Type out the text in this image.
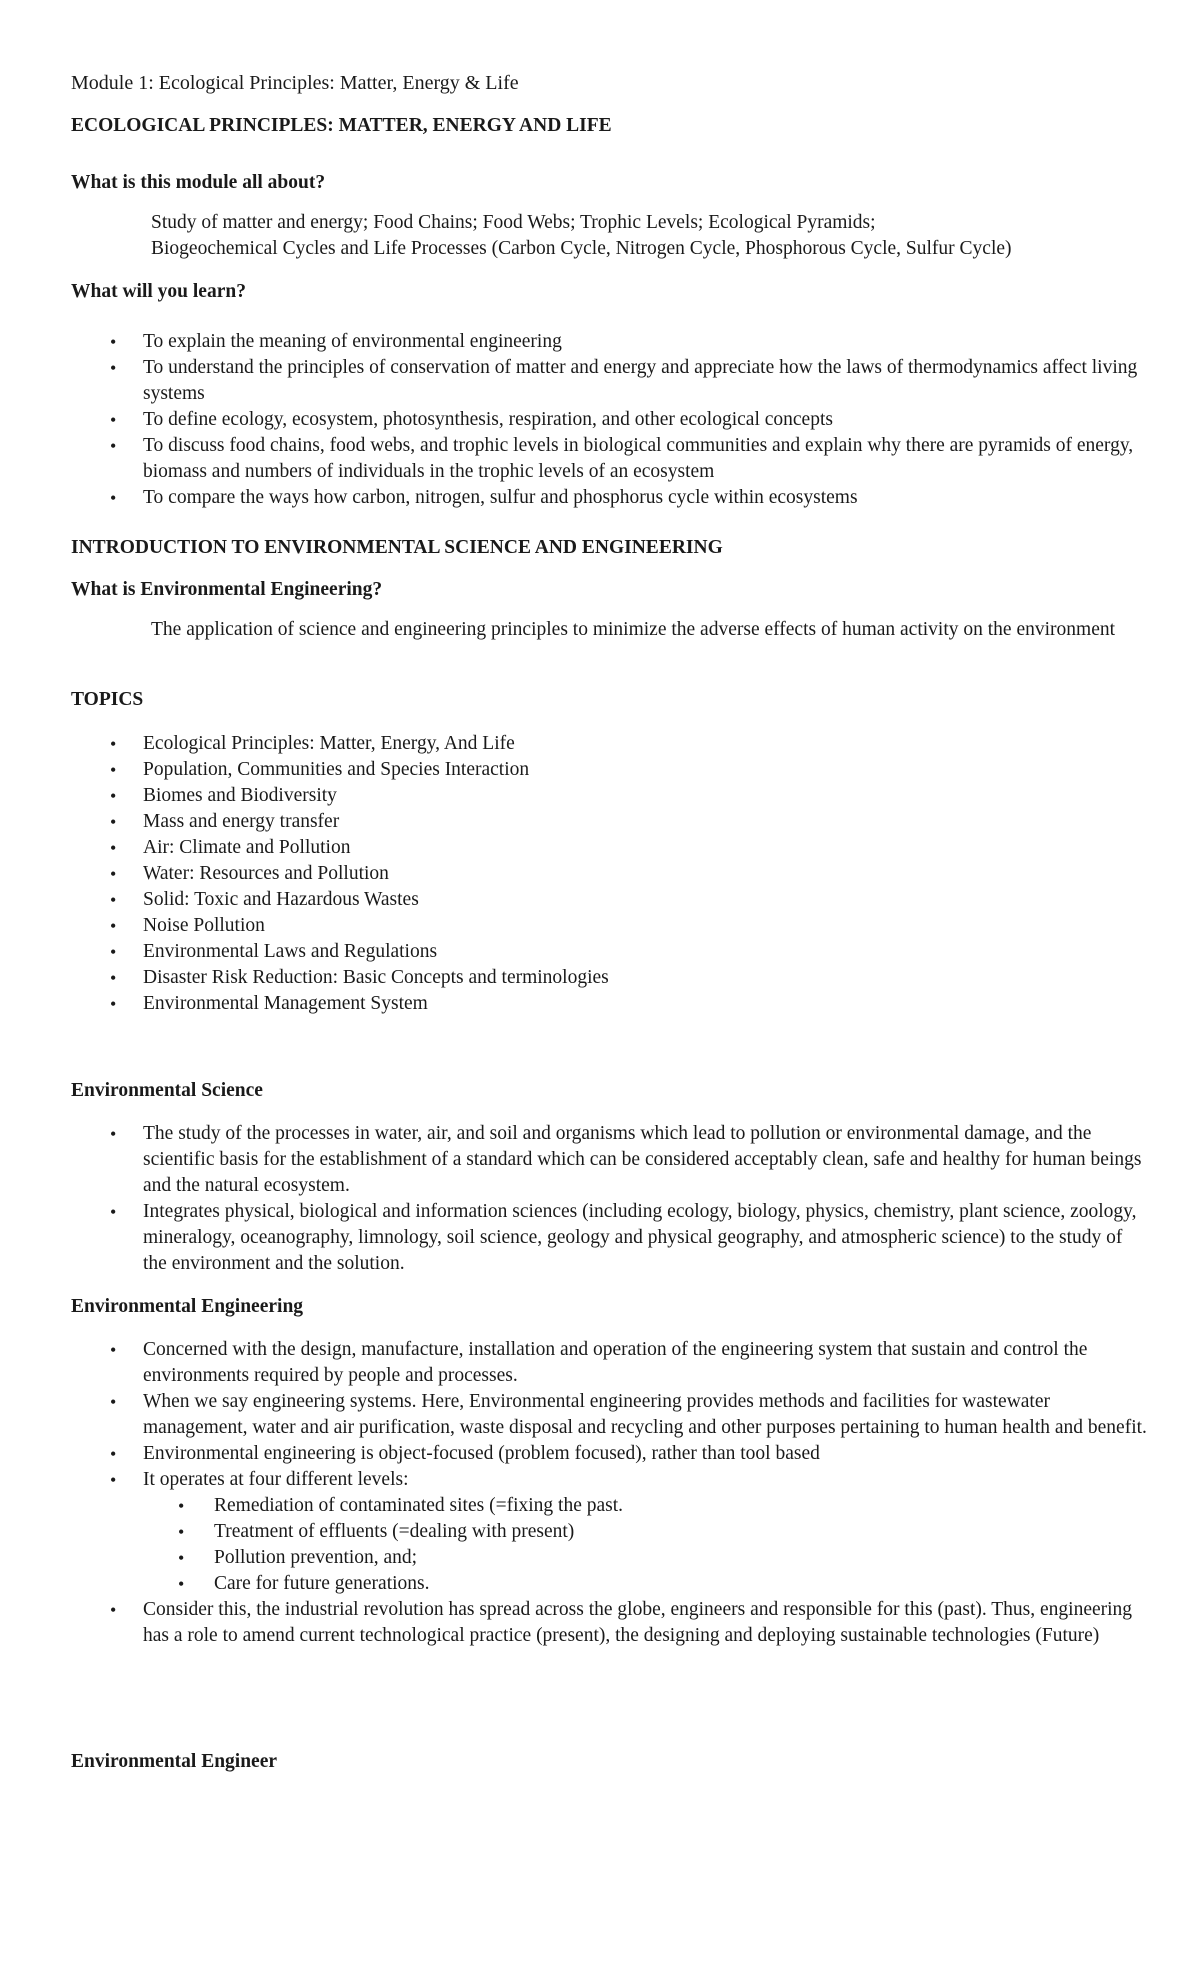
Module 1: Ecological Principles: Matter, Energy & Life

ECOLOGICAL PRINCIPLES: MATTER, ENERGY AND LIFE

What is this module all about?

Study of matter and energy; Food Chains; Food Webs; Trophic Levels; Ecological Pyramids;

Biogeochemical Cycles and Life Processes (Carbon Cycle, Nitrogen Cycle, Phosphorous Cycle, Sulfur Cycle)

What will you learn?

• To explain the meaning of environmental engineering
• To understand the principles of conservation of matter and energy and appreciate how the laws of thermodynamics affect living systems
• To define ecology, ecosystem, photosynthesis, respiration, and other ecological concepts
• To discuss food chains, food webs, and trophic levels in biological communities and explain why there are pyramids of energy, biomass and numbers of individuals in the trophic levels of an ecosystem
• To compare the ways how carbon, nitrogen, sulfur and phosphorus cycle within ecosystems

INTRODUCTION TO ENVIRONMENTAL SCIENCE AND ENGINEERING

What is Environmental Engineering?

The application of science and engineering principles to minimize the adverse effects of human activity on the environment

TOPICS

• Ecological Principles: Matter, Energy, And Life
• Population, Communities and Species Interaction
• Biomes and Biodiversity
• Mass and energy transfer
• Air: Climate and Pollution
• Water: Resources and Pollution
• Solid: Toxic and Hazardous Wastes
• Noise Pollution
• Environmental Laws and Regulations
• Disaster Risk Reduction: Basic Concepts and terminologies
• Environmental Management System

Environmental Science

• The study of the processes in water, air, and soil and organisms which lead to pollution or environmental damage, and the scientific basis for the establishment of a standard which can be considered acceptably clean, safe and healthy for human beings and the natural ecosystem.
• Integrates physical, biological and information sciences (including ecology, biology, physics, chemistry, plant science, zoology, mineralogy, oceanography, limnology, soil science, geology and physical geography, and atmospheric science) to the study of the environment and the solution.

Environmental Engineering

• Concerned with the design, manufacture, installation and operation of the engineering system that sustain and control the environments required by people and processes.
• When we say engineering systems. Here, Environmental engineering provides methods and facilities for wastewater management, water and air purification, waste disposal and recycling and other purposes pertaining to human health and benefit.
• Environmental engineering is object-focused (problem focused), rather than tool based
• It operates at four different levels:
• Remediation of contaminated sites (=fixing the past.
• Treatment of effluents (=dealing with present)
• Pollution prevention, and;
• Care for future generations.
• Consider this, the industrial revolution has spread across the globe, engineers and responsible for this (past). Thus, engineering has a role to amend current technological practice (present), the designing and deploying sustainable technologies (Future)

Environmental Engineer
